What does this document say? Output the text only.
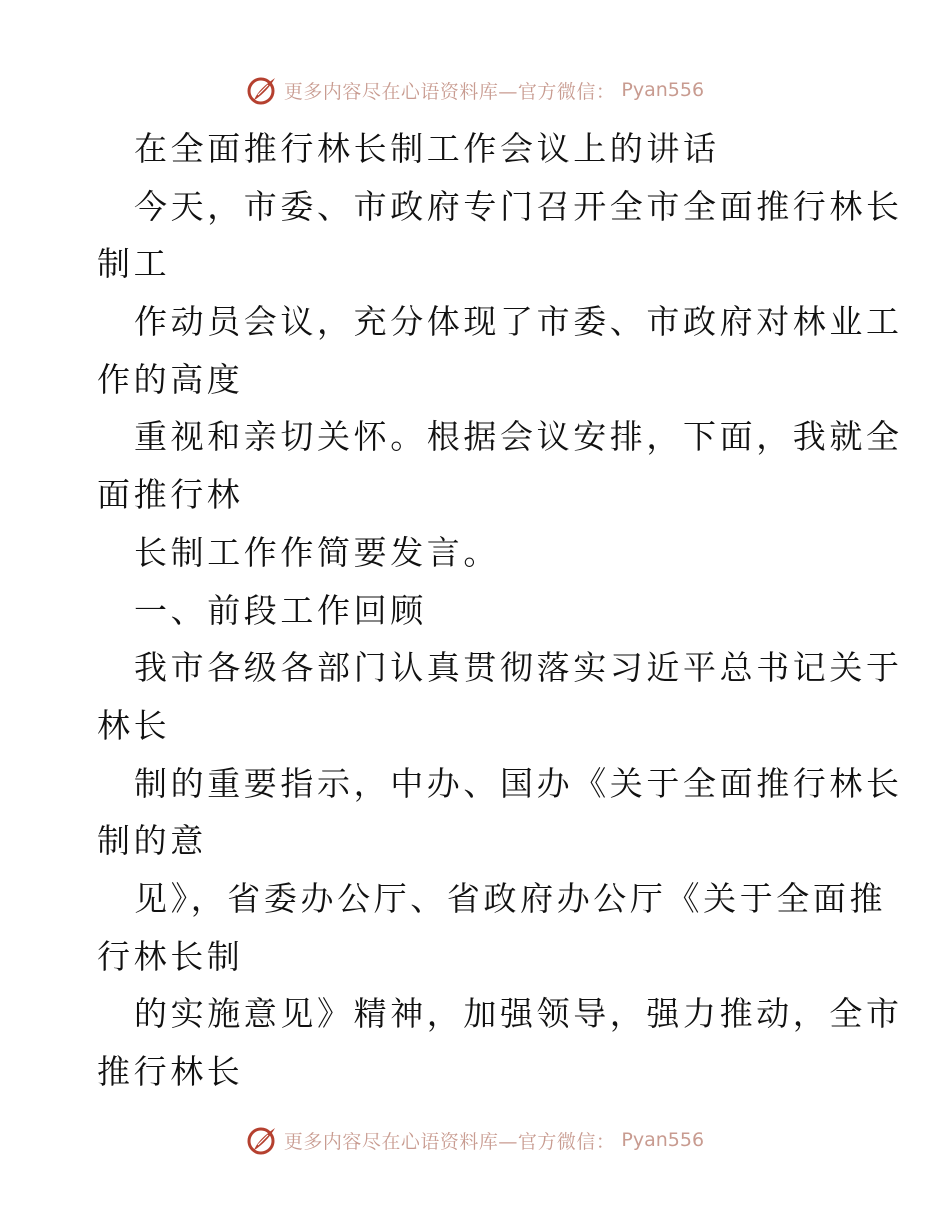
更多内容尽在心语资料库—官方微信： Pyan556
在全面推行林长制工作会议上的讲话
今天，市委、市政府专门召开全市全面推行林长
制工
作动员会议，充分体现了市委、市政府对林业工
作的高度
重视和亲切关怀。根据会议安排，下面，我就全
面推行林
长制工作作简要发言。
一、前段工作回顾
我市各级各部门认真贯彻落实习近平总书记关于
林长
制的重要指示，中办、国办《关于全面推行林长
制的意
见》，省委办公厅、省政府办公厅《关于全面推
行林长制
的实施意见》精神，加强领导，强力推动，全市
推行林长
更多内容尽在心语资料库—官方微信： Pyan556
